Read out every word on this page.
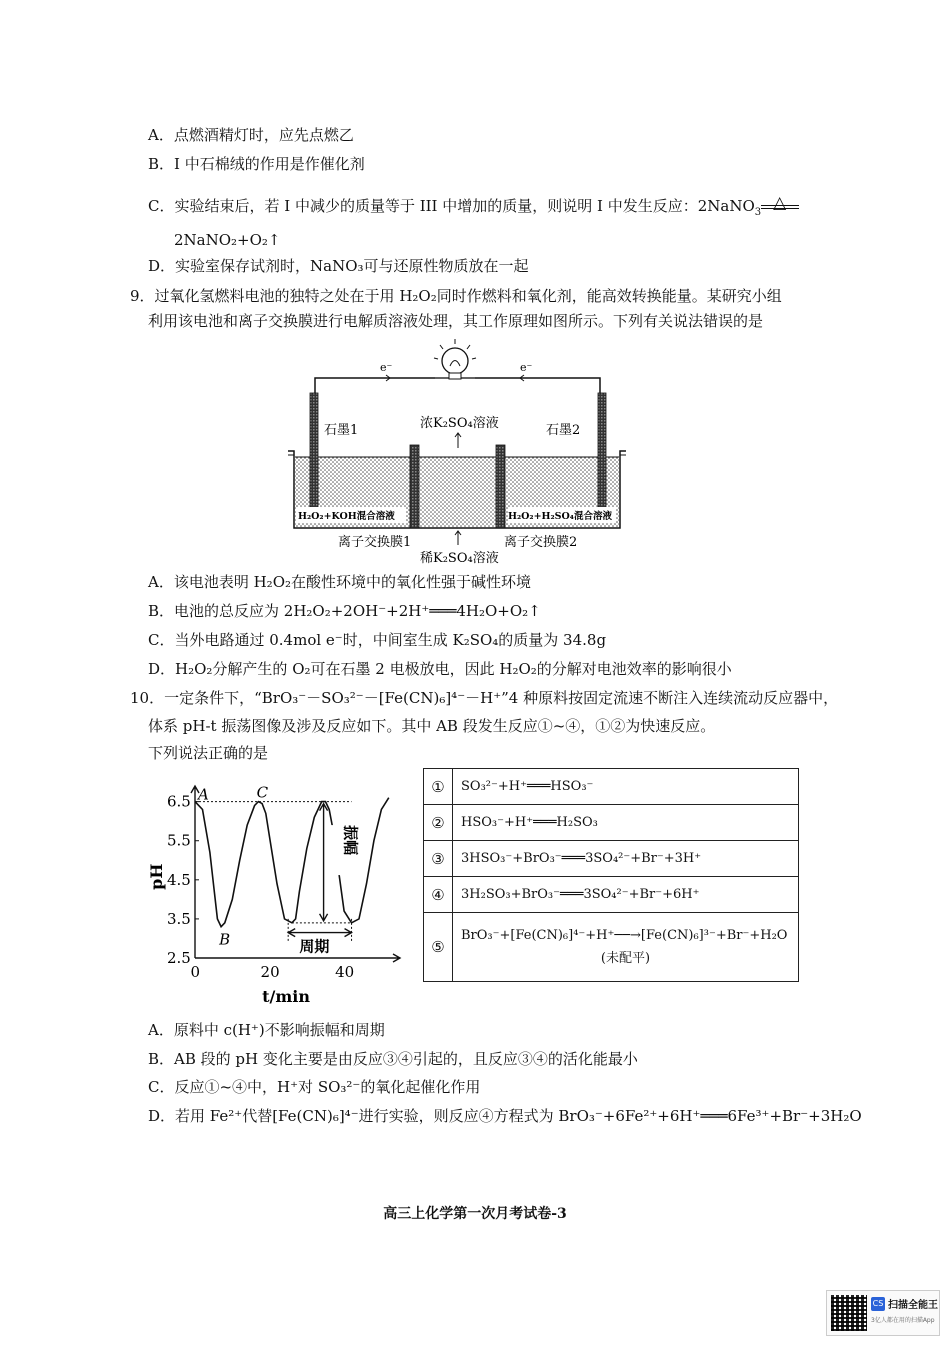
A．点燃酒精灯时，应先点燃乙
B．I 中石棉绒的作用是作催化剂
C．实验结束后，若 I 中减少的质量等于 III 中增加的质量，则说明 I 中发生反应：2NaNO$_3$ △
2NaNO₂+O₂↑
D．实验室保存试剂时，NaNO₃可与还原性物质放在一起
9．过氧化氢燃料电池的独特之处在于用 H₂O₂同时作燃料和氧化剂，能高效转换能量。某研究小组
利用该电池和离子交换膜进行电解质溶液处理，其工作原理如图所示。下列有关说法错误的是
e⁻	e⁻
石墨1	石墨2
浓K₂SO₄溶液
H₂O₂+KOH混合溶液	H₂O₂+H₂SO₄混合溶液
离子交换膜1	离子交换膜2
稀K₂SO₄溶液
A．该电池表明 H₂O₂在酸性环境中的氧化性强于碱性环境
B．电池的总反应为 2H₂O₂+2OH⁻+2H⁺═══4H₂O+O₂↑
C．当外电路通过 0.4mol e⁻时，中间室生成 K₂SO₄的质量为 34.8g
D．H₂O₂分解产生的 O₂可在石墨 2 电极放电，因此 H₂O₂的分解对电池效率的影响很小
10．一定条件下，“BrO₃⁻－SO₃²⁻－[Fe(CN)₆]⁴⁻－H⁺”4 种原料按固定流速不断注入连续流动反应器中，
体系 pH-t 振荡图像及涉及反应如下。其中 AB 段发生反应①~④，①②为快速反应。
下列说法正确的是
2.5
3.5
4.5
5.5
6.5
0	20	40
pH
t/min
A	C
B
振幅
周期
①	SO₃²⁻+H⁺═══HSO₃⁻
②	HSO₃⁻+H⁺═══H₂SO₃
③	3HSO₃⁻+BrO₃⁻═══3SO₄²⁻+Br⁻+3H⁺
④	3H₂SO₃+BrO₃⁻═══3SO₄²⁻+Br⁻+6H⁺
⑤	BrO₃⁻+[Fe(CN)₆]⁴⁻+H⁺──→[Fe(CN)₆]³⁻+Br⁻+H₂O
(未配平)
A．原料中 c(H⁺)不影响振幅和周期
B．AB 段的 pH 变化主要是由反应③④引起的，且反应③④的活化能最小
C．反应①~④中，H⁺对 SO₃²⁻的氧化起催化作用
D．若用 Fe²⁺代替[Fe(CN)₆]⁴⁻进行实验，则反应④方程式为 BrO₃⁻+6Fe²⁺+6H⁺═══6Fe³⁺+Br⁻+3H₂O
高三上化学第一次月考试卷-3
CS 扫描全能王
3亿人都在用的扫描App
